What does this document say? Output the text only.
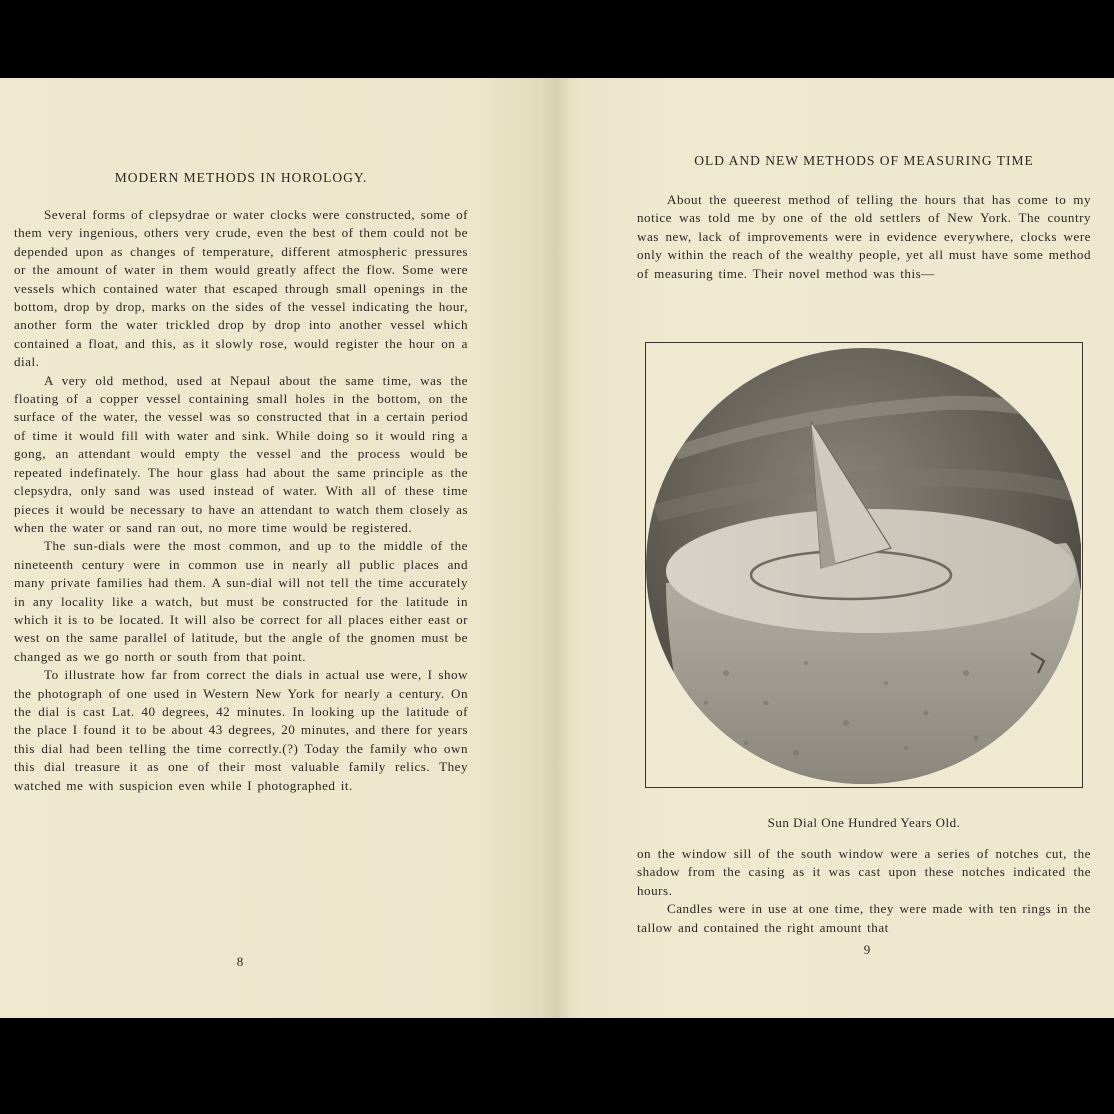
MODERN METHODS IN HOROLOGY.

Several forms of clepsydrae or water clocks were constructed, some of them very ingenious, others very crude, even the best of them could not be depended upon as changes of temperature, different atmospheric pressures or the amount of water in them would greatly affect the flow. Some were vessels which contained water that escaped through small openings in the bottom, drop by drop, marks on the sides of the vessel indicating the hour, another form the water trickled drop by drop into another vessel which contained a float, and this, as it slowly rose, would register the hour on a dial.

A very old method, used at Nepaul about the same time, was the floating of a copper vessel containing small holes in the bottom, on the surface of the water, the vessel was so constructed that in a certain period of time it would fill with water and sink. While doing so it would ring a gong, an attendant would empty the vessel and the process would be repeated indefinately. The hour glass had about the same principle as the clepsydra, only sand was used instead of water. With all of these time pieces it would be necessary to have an attendant to watch them closely as when the water or sand ran out, no more time would be registered.

The sun-dials were the most common, and up to the middle of the nineteenth century were in common use in nearly all public places and many private families had them. A sun-dial will not tell the time accurately in any locality like a watch, but must be constructed for the latitude in which it is to be located. It will also be correct for all places either east or west on the same parallel of latitude, but the angle of the gnomen must be changed as we go north or south from that point.

To illustrate how far from correct the dials in actual use were, I show the photograph of one used in Western New York for nearly a century. On the dial is cast Lat. 40 degrees, 42 minutes. In looking up the latitude of the place I found it to be about 43 degrees, 20 minutes, and there for years this dial had been telling the time correctly.(?) Today the family who own this dial treasure it as one of their most valuable family relics. They watched me with suspicion even while I photographed it.

8
OLD AND NEW METHODS OF MEASURING TIME

About the queerest method of telling the hours that has come to my notice was told me by one of the old settlers of New York. The country was new, lack of improvements were in evidence everywhere, clocks were only within the reach of the wealthy people, yet all must have some method of measuring time. Their novel method was this—

Sun Dial One Hundred Years Old.

on the window sill of the south window were a series of notches cut, the shadow from the casing as it was cast upon these notches indicated the hours.

Candles were in use at one time, they were made with ten rings in the tallow and contained the right amount that

9
